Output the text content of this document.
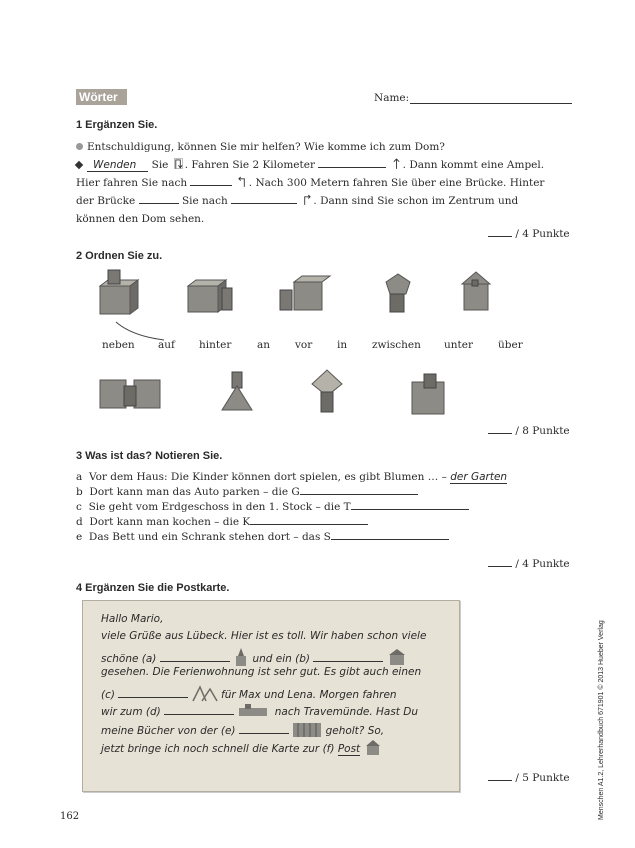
Wörter	Name:
1 Ergänzen Sie.
Entschuldigung, können Sie mir helfen? Wie komme ich zum Dom?
Wenden Sie . Fahren Sie 2 Kilometer	. Dann kommt eine Ampel.
Hier fahren Sie nach	. Nach 300 Metern fahren Sie über eine Brücke. Hinter
der Brücke	Sie nach	. Dann sind Sie schon im Zentrum und
können den Dom sehen.
/ 4 Punkte
2 Ordnen Sie zu.
neben auf hinter an vor in zwischen unter über
/ 8 Punkte
3 Was ist das? Notieren Sie.
a Vor dem Haus: Die Kinder können dort spielen, es gibt Blumen … – der Garten
b Dort kann man das Auto parken – die G
c Sie geht vom Erdgeschoss in den 1. Stock – die T
d Dort kann man kochen – die K
e Das Bett und ein Schrank stehen dort – das S
/ 4 Punkte
4 Ergänzen Sie die Postkarte.
Hallo Mario,
viele Grüße aus Lübeck. Hier ist es toll. Wir haben schon viele
schöne (a)	und ein (b)
gesehen. Die Ferienwohnung ist sehr gut. Es gibt auch einen
(c)	für Max und Lena. Morgen fahren
wir zum (d)	nach Travemünde. Hast Du
meine Bücher von der (e)	geholt? So,
jetzt bringe ich noch schnell die Karte zur (f) Post
/ 5 Punkte	Menschen A1.2, Lehrerhandbuch 671901 © 2013 Hueber Verlag
162
